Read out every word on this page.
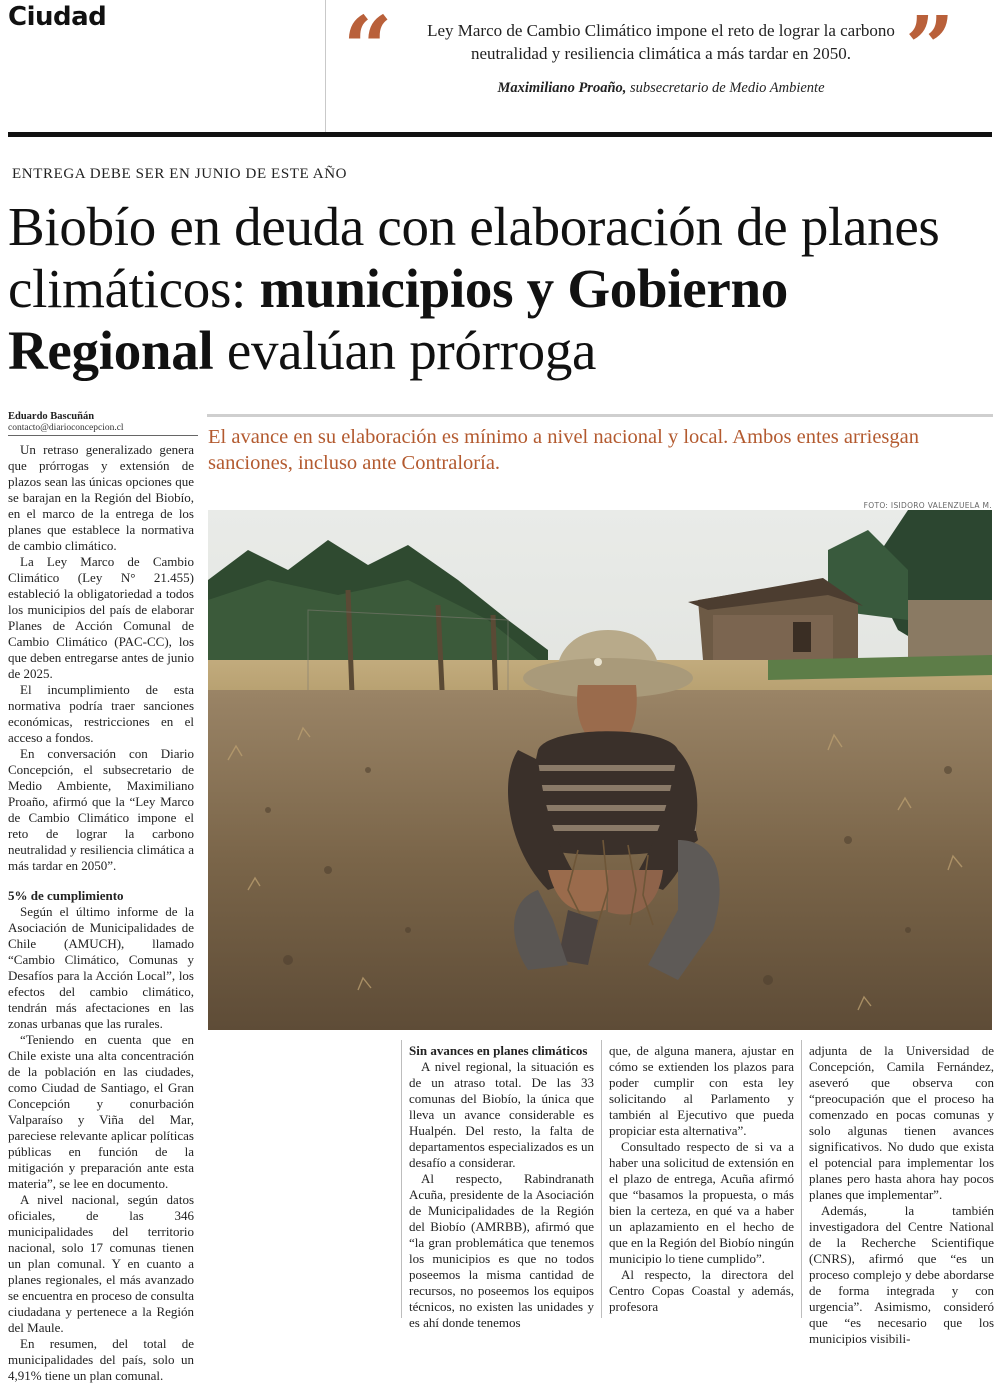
Ciudad	“	”
Ley Marco de Cambio Climático impone el reto de lograr la carbono neutralidad y resiliencia climática a más tardar en 2050.
Maximiliano Proaño, subsecretario de Medio Ambiente
ENTREGA DEBE SER EN JUNIO DE ESTE AÑO
Biobío en deuda con elaboración de planes climáticos: municipios y Gobierno Regional evalúan prórroga
Eduardo Bascuñán
contacto@diarioconcepcion.cl	El avance en su elaboración es mínimo a nivel nacional y local. Ambos entes arriesgan sanciones, incluso ante Contraloría.
FOTO: ISIDORO VALENZUELA M.

Un retraso generalizado genera que prórrogas y extensión de plazos sean las únicas opciones que se barajan en la Región del Biobío, en el marco de la entrega de los planes que establece la normativa de cambio climático.

La Ley Marco de Cambio Climático (Ley N° 21.455) estableció la obligatoriedad a todos los municipios del país de elaborar Planes de Acción Comunal de Cambio Climático (PAC-CC), los que deben entregarse antes de junio de 2025.

El incumplimiento de esta normativa podría traer sanciones económicas, restricciones en el acceso a fondos.

En conversación con Diario Concepción, el subsecretario de Medio Ambiente, Maximiliano Proaño, afirmó que la “Ley Marco de Cambio Climático impone el reto de lograr la carbono neutralidad y resiliencia climática a más tardar en 2050”.

5% de cumplimiento

Según el último informe de la Asociación de Municipalidades de Chile (AMUCH), llamado “Cambio Climático, Comunas y Desafíos para la Acción Local”, los efectos del cambio climático, tendrán más afectaciones en las zonas urbanas que las rurales.

“Teniendo en cuenta que en Chile existe una alta concentración de la población en las ciudades, como Ciudad de Santiago, el Gran Concepción y conurbación Valparaíso y Viña del Mar, pareciese relevante aplicar políticas públicas en función de la mitigación y preparación ante esta materia”, se lee en documento.

A nivel nacional, según datos oficiales, de las 346 municipalidades del territorio nacional, solo 17 comunas tienen un plan comunal. Y en cuanto a planes regionales, el más avanzado se encuentra en proceso de consulta ciudadana y pertenece a la Región del Maule.

En resumen, del total de municipalidades del país, solo un 4,91% tiene un plan comunal.

Sin avances en planes climáticos

A nivel regional, la situación es de un atraso total. De las 33 comunas del Biobío, la única que lleva un avance considerable es Hualpén. Del resto, la falta de departamentos especializados es un desafío a considerar.

Al respecto, Rabindranath Acuña, presidente de la Asociación de Municipalidades de la Región del Biobío (AMRBB), afirmó que “la gran problemática que tenemos los municipios es que no todos poseemos la misma cantidad de recursos, no poseemos los equipos técnicos, no existen las unidades y es ahí donde tenemos

que, de alguna manera, ajustar en cómo se extienden los plazos para poder cumplir con esta ley solicitando al Parlamento y también al Ejecutivo que pueda propiciar esta alternativa”.

Consultado respecto de si va a haber una solicitud de extensión en el plazo de entrega, Acuña afirmó que “basamos la propuesta, o más bien la certeza, en qué va a haber un aplazamiento en el hecho de que en la Región del Biobío ningún municipio lo tiene cumplido”.

Al respecto, la directora del Centro Copas Coastal y además, profesora

adjunta de la Universidad de Concepción, Camila Fernández, aseveró que observa con “preocupación que el proceso ha comenzado en pocas comunas y solo algunas tienen avances significativos. No dudo que exista el potencial para implementar los planes pero hasta ahora hay pocos planes que implementar”.

Además, la también investigadora del Centre National de la Recherche Scientifique (CNRS), afirmó que “es un proceso complejo y debe abordarse de forma integrada y con urgencia”. Asimismo, consideró que “es necesario que los municipios visibili-
